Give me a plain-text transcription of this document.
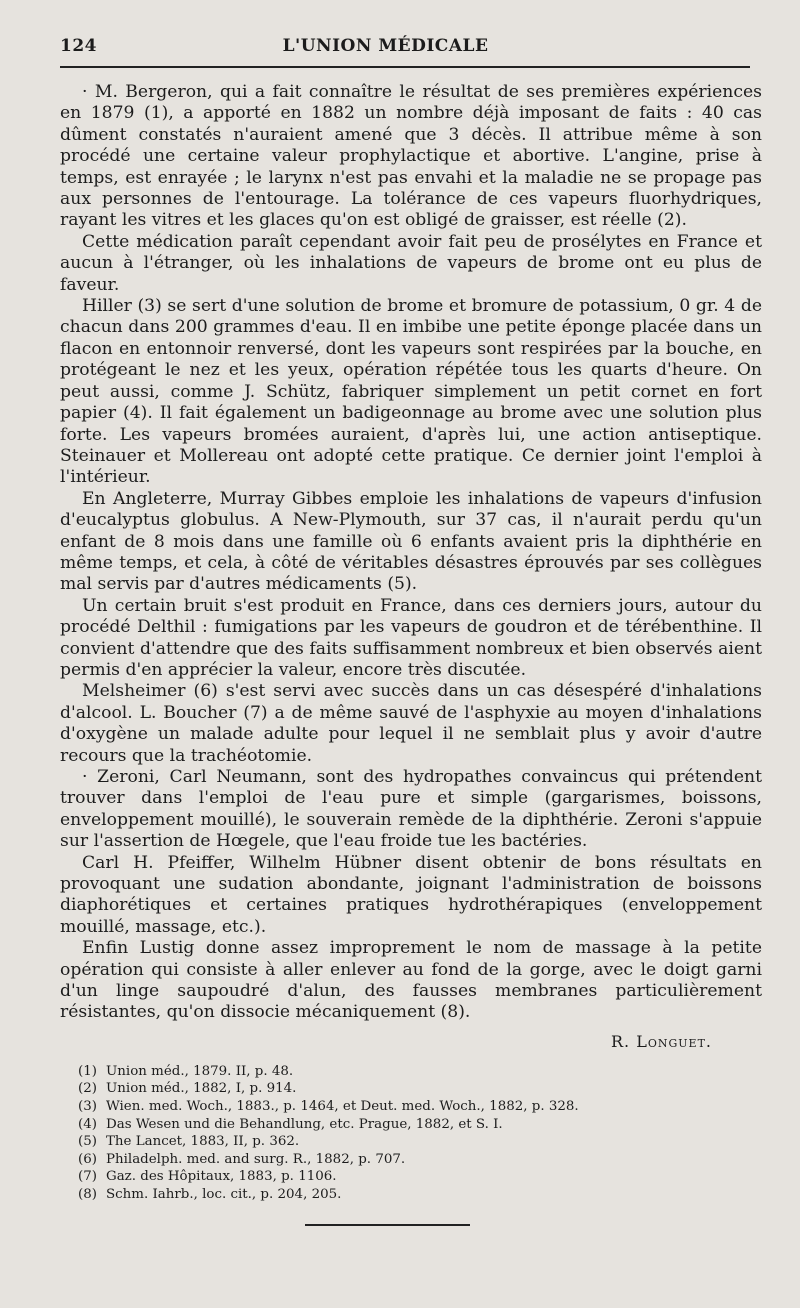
124	L'UNION MÉDICALE

· M. Bergeron, qui a fait connaître le résultat de ses premières expériences en 1879 (1), a apporté en 1882 un nombre déjà imposant de faits : 40 cas dûment constatés n'auraient amené que 3 décès. Il attribue même à son procédé une certaine valeur prophylactique et abortive. L'angine, prise à temps, est enrayée ; le larynx n'est pas envahi et la maladie ne se propage pas aux personnes de l'entourage. La tolérance de ces vapeurs fluorhydriques, rayant les vitres et les glaces qu'on est obligé de graisser, est réelle (2).

Cette médication paraît cependant avoir fait peu de prosélytes en France et aucun à l'étranger, où les inhalations de vapeurs de brome ont eu plus de faveur.

Hiller (3) se sert d'une solution de brome et bromure de potassium, 0 gr. 4 de chacun dans 200 grammes d'eau. Il en imbibe une petite éponge placée dans un flacon en entonnoir renversé, dont les vapeurs sont respirées par la bouche, en protégeant le nez et les yeux, opération répétée tous les quarts d'heure. On peut aussi, comme J. Schütz, fabriquer simplement un petit cornet en fort papier (4). Il fait également un badigeonnage au brome avec une solution plus forte. Les vapeurs bromées auraient, d'après lui, une action antiseptique. Steinauer et Mollereau ont adopté cette pratique. Ce dernier joint l'emploi à l'intérieur.

En Angleterre, Murray Gibbes emploie les inhalations de vapeurs d'infusion d'eucalyptus globulus. A New-Plymouth, sur 37 cas, il n'aurait perdu qu'un enfant de 8 mois dans une famille où 6 enfants avaient pris la diphthérie en même temps, et cela, à côté de véritables désastres éprouvés par ses collègues mal servis par d'autres médicaments (5).

Un certain bruit s'est produit en France, dans ces derniers jours, autour du procédé Delthil : fumigations par les vapeurs de goudron et de térébenthine. Il convient d'attendre que des faits suffisamment nombreux et bien observés aient permis d'en apprécier la valeur, encore très discutée.

Melsheimer (6) s'est servi avec succès dans un cas désespéré d'inhalations d'alcool. L. Boucher (7) a de même sauvé de l'asphyxie au moyen d'inhalations d'oxygène un malade adulte pour lequel il ne semblait plus y avoir d'autre recours que la trachéotomie.

· Zeroni, Carl Neumann, sont des hydropathes convaincus qui prétendent trouver dans l'emploi de l'eau pure et simple (gargarismes, boissons, enveloppement mouillé), le souverain remède de la diphthérie. Zeroni s'appuie sur l'assertion de Hœgele, que l'eau froide tue les bactéries.

Carl H. Pfeiffer, Wilhelm Hübner disent obtenir de bons résultats en provoquant une sudation abondante, joignant l'administration de boissons diaphorétiques et certaines pratiques hydrothérapiques (enveloppement mouillé, massage, etc.).

Enfin Lustig donne assez improprement le nom de massage à la petite opération qui consiste à aller enlever au fond de la gorge, avec le doigt garni d'un linge saupoudré d'alun, des fausses membranes particulièrement résistantes, qu'on dissocie mécaniquement (8).

R. Longuet.
(1) Union méd., 1879. II, p. 48.
(2) Union méd., 1882, I, p. 914.
(3) Wien. med. Woch., 1883., p. 1464, et Deut. med. Woch., 1882, p. 328.
(4) Das Wesen und die Behandlung, etc. Prague, 1882, et S. I.
(5) The Lancet, 1883, II, p. 362.
(6) Philadelph. med. and surg. R., 1882, p. 707.
(7) Gaz. des Hôpitaux, 1883, p. 1106.
(8) Schm. Iahrb., loc. cit., p. 204, 205.
